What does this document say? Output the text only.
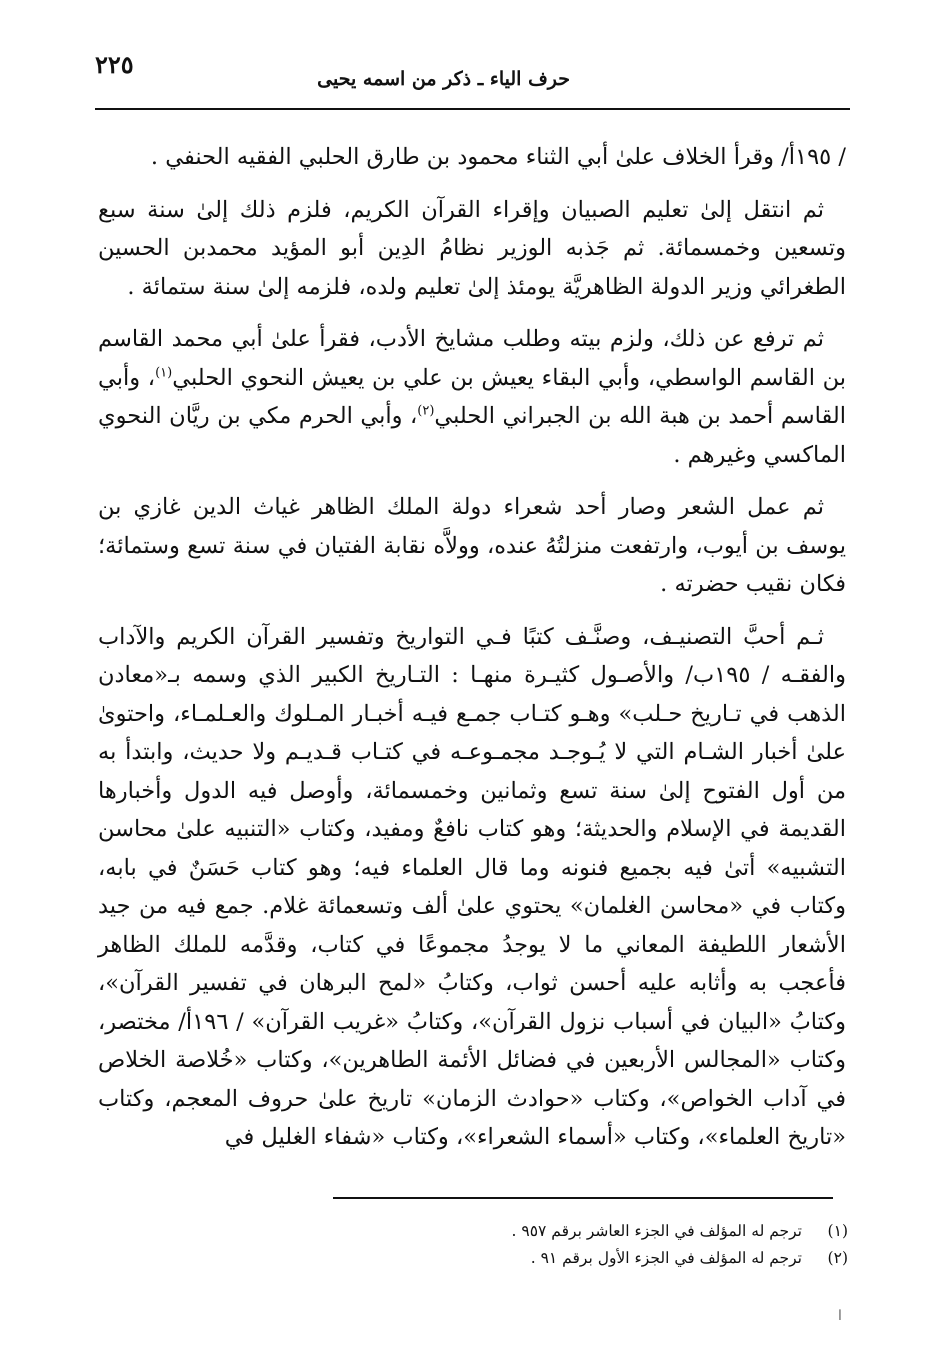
حرف الياء ـ ذكر من اسمه يحيى
٢٢٥

/ ١٩٥أ/ وقرأ الخلاف علىٰ أبي الثناء محمود بن طارق الحلبي الفقيه الحنفي .

ثم انتقل إلىٰ تعليم الصبيان وإقراء القرآن الكريم، فلزم ذلك إلىٰ سنة سبع وتسعين وخمسمائة. ثم جَذبه الوزير نظامُ الدِين أبو المؤيد محمدبن الحسين الطغرائي وزير الدولة الظاهريَّة يومئذ إلىٰ تعليم ولده، فلزمه إلىٰ سنة ستمائة .

ثم ترفع عن ذلك، ولزم بيته وطلب مشايخ الأدب، فقرأ علىٰ أبي محمد القاسم بن القاسم الواسطي، وأبي البقاء يعيش بن علي بن يعيش النحوي الحلبي$^{(١)}$، وأبي القاسم أحمد بن هبة الله بن الجبراني الحلبي$^{(٢)}$، وأبي الحرم مكي بن ريَّان النحوي الماكسي وغيرهم .

ثم عمل الشعر وصار أحد شعراء دولة الملك الظاهر غياث الدين غازي بن يوسف بن أيوب، وارتفعت منزلتُهُ عنده، وولاَّه نقابة الفتيان في سنة تسع وستمائة؛ فكان نقيب حضرته .

ثـم أحبَّ التصنيـف، وصنَّـف كتبًا فـي التواريخ وتفسير القرآن الكريم والآداب والفقـه / ١٩٥ب/ والأصـول كثيـرة منهـا : التـاريخ الكبير الذي وسمه بـ«معادن الذهب في تـاريخ حـلب» وهـو كتـاب جمـع فيـه أخبـار المـلوك والعـلمـاء، واحتوىٰ علىٰ أخبار الشـام التي لا يُـوجـد مجمـوعـه في كتـاب قـديـم ولا حديث، وابتدأ به من أول الفتوح إلىٰ سنة تسع وثمانين وخمسمائة، وأوصل فيه الدول وأخبارها القديمة في الإسلام والحديثة؛ وهو كتاب نافعٌ ومفيد، وكتاب «التنبيه علىٰ محاسن التشبيه» أتىٰ فيه بجميع فنونه وما قال العلماء فيه؛ وهو كتاب حَسَنٌ في بابه، وكتاب في «محاسن الغلمان» يحتوي علىٰ ألف وتسعمائة غلام. جمع فيه من جيد الأشعار اللطيفة المعاني ما لا يوجدُ مجموعًا في كتاب، وقدَّمه للملك الظاهر فأعجب به وأثابه عليه أحسن ثواب، وكتابُ «لمح البرهان في تفسير القرآن»، وكتابُ «البيان في أسباب نزول القرآن»، وكتابُ «غريب القرآن» / ١٩٦أ/ مختصر، وكتاب «المجالس الأربعين في فضائل الأئمة الطاهرين»، وكتاب «خُلاصة الخلاص في آداب الخواص»، وكتاب «حوادث الزمان» تاريخ علىٰ حروف المعجم، وكتاب «تاريخ العلماء»، وكتاب «أسماء الشعراء»، وكتاب «شفاء الغليل في

(١)ترجم له المؤلف في الجزء العاشر برقم ٩٥٧ .
(٢)ترجم له المؤلف في الجزء الأول برقم ٩١ .
ا
